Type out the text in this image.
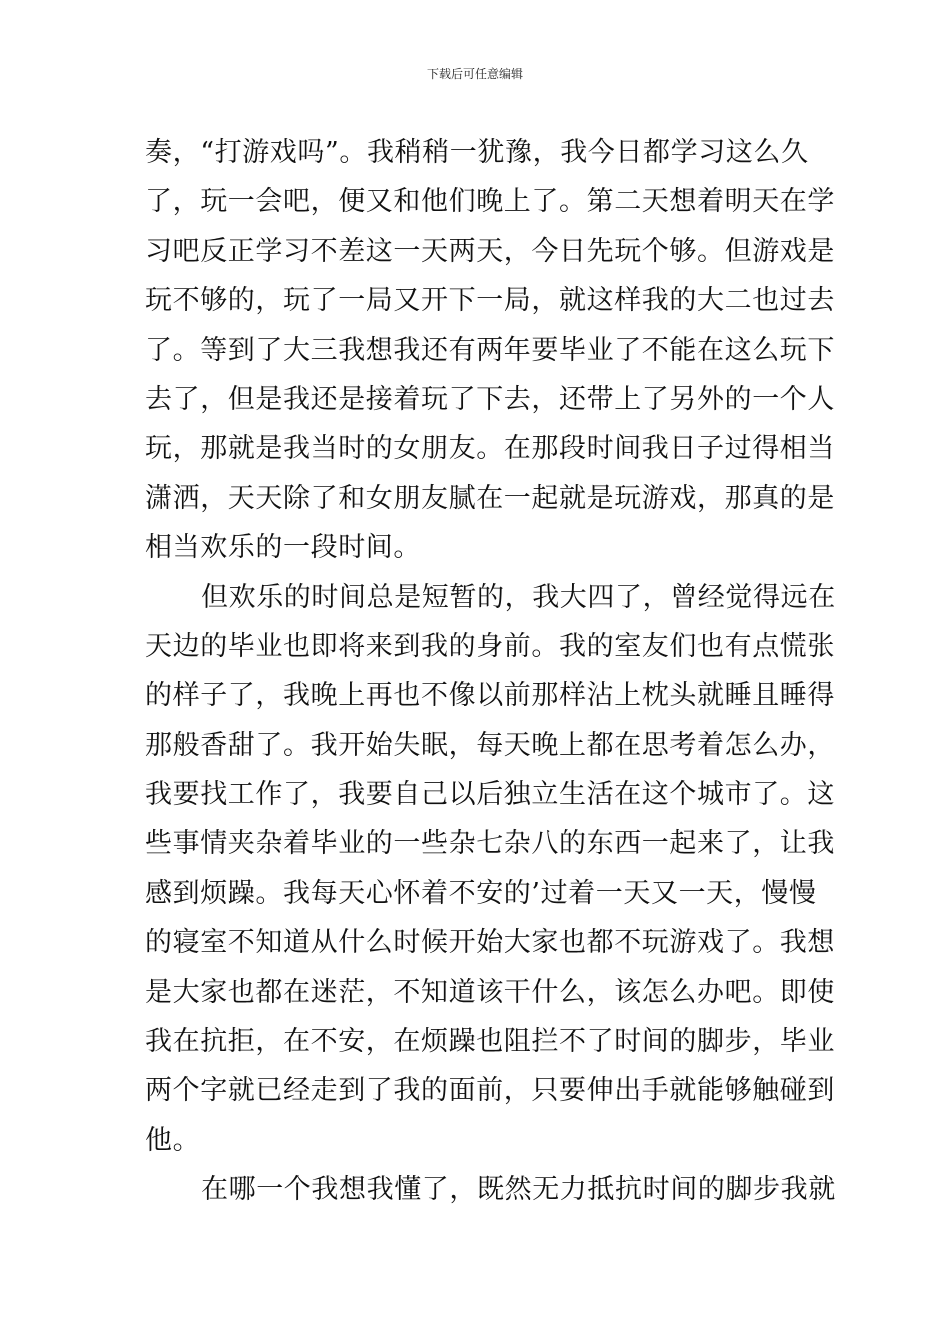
下载后可任意编辑
奏，“打游戏吗”。我稍稍一犹豫，我今日都学习这么久
了，玩一会吧，便又和他们晚上了。第二天想着明天在学
习吧反正学习不差这一天两天，今日先玩个够。但游戏是
玩不够的，玩了一局又开下一局，就这样我的大二也过去
了。等到了大三我想我还有两年要毕业了不能在这么玩下
去了，但是我还是接着玩了下去，还带上了另外的一个人
玩，那就是我当时的女朋友。在那段时间我日子过得相当
潇洒，天天除了和女朋友腻在一起就是玩游戏，那真的是
相当欢乐的一段时间。
但欢乐的时间总是短暂的，我大四了，曾经觉得远在
天边的毕业也即将来到我的身前。我的室友们也有点慌张
的样子了，我晚上再也不像以前那样沾上枕头就睡且睡得
那般香甜了。我开始失眠，每天晚上都在思考着怎么办，
我要找工作了，我要自己以后独立生活在这个城市了。这
些事情夹杂着毕业的一些杂七杂八的东西一起来了，让我
感到烦躁。我每天心怀着不安的’过着一天又一天，慢慢
的寝室不知道从什么时候开始大家也都不玩游戏了。我想
是大家也都在迷茫，不知道该干什么，该怎么办吧。即使
我在抗拒，在不安，在烦躁也阻拦不了时间的脚步，毕业
两个字就已经走到了我的面前，只要伸出手就能够触碰到
他。
在哪一个我想我懂了，既然无力抵抗时间的脚步我就
